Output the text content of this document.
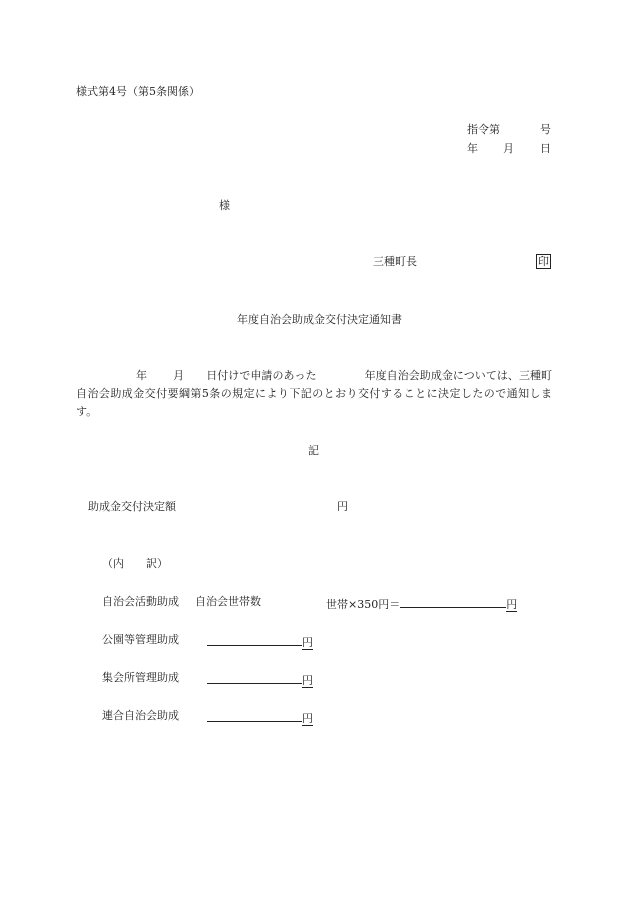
様式第4号（第5条関係）
指令第	号
年 月 日
様
三種町長	印
年度自治会助成金交付決定通知書
年 月 日付けで申請のあった	年度自治会助成金については、三種町自治会助成金交付要綱第5条の規定により下記のとおり交付することに決定したので通知します。
記
助成金交付決定額	円
（内　　訳）
自治会活動助成 自治会世帯数	世帯×350円＝	円
公園等管理助成	円
集会所管理助成	円
連合自治会助成	円
